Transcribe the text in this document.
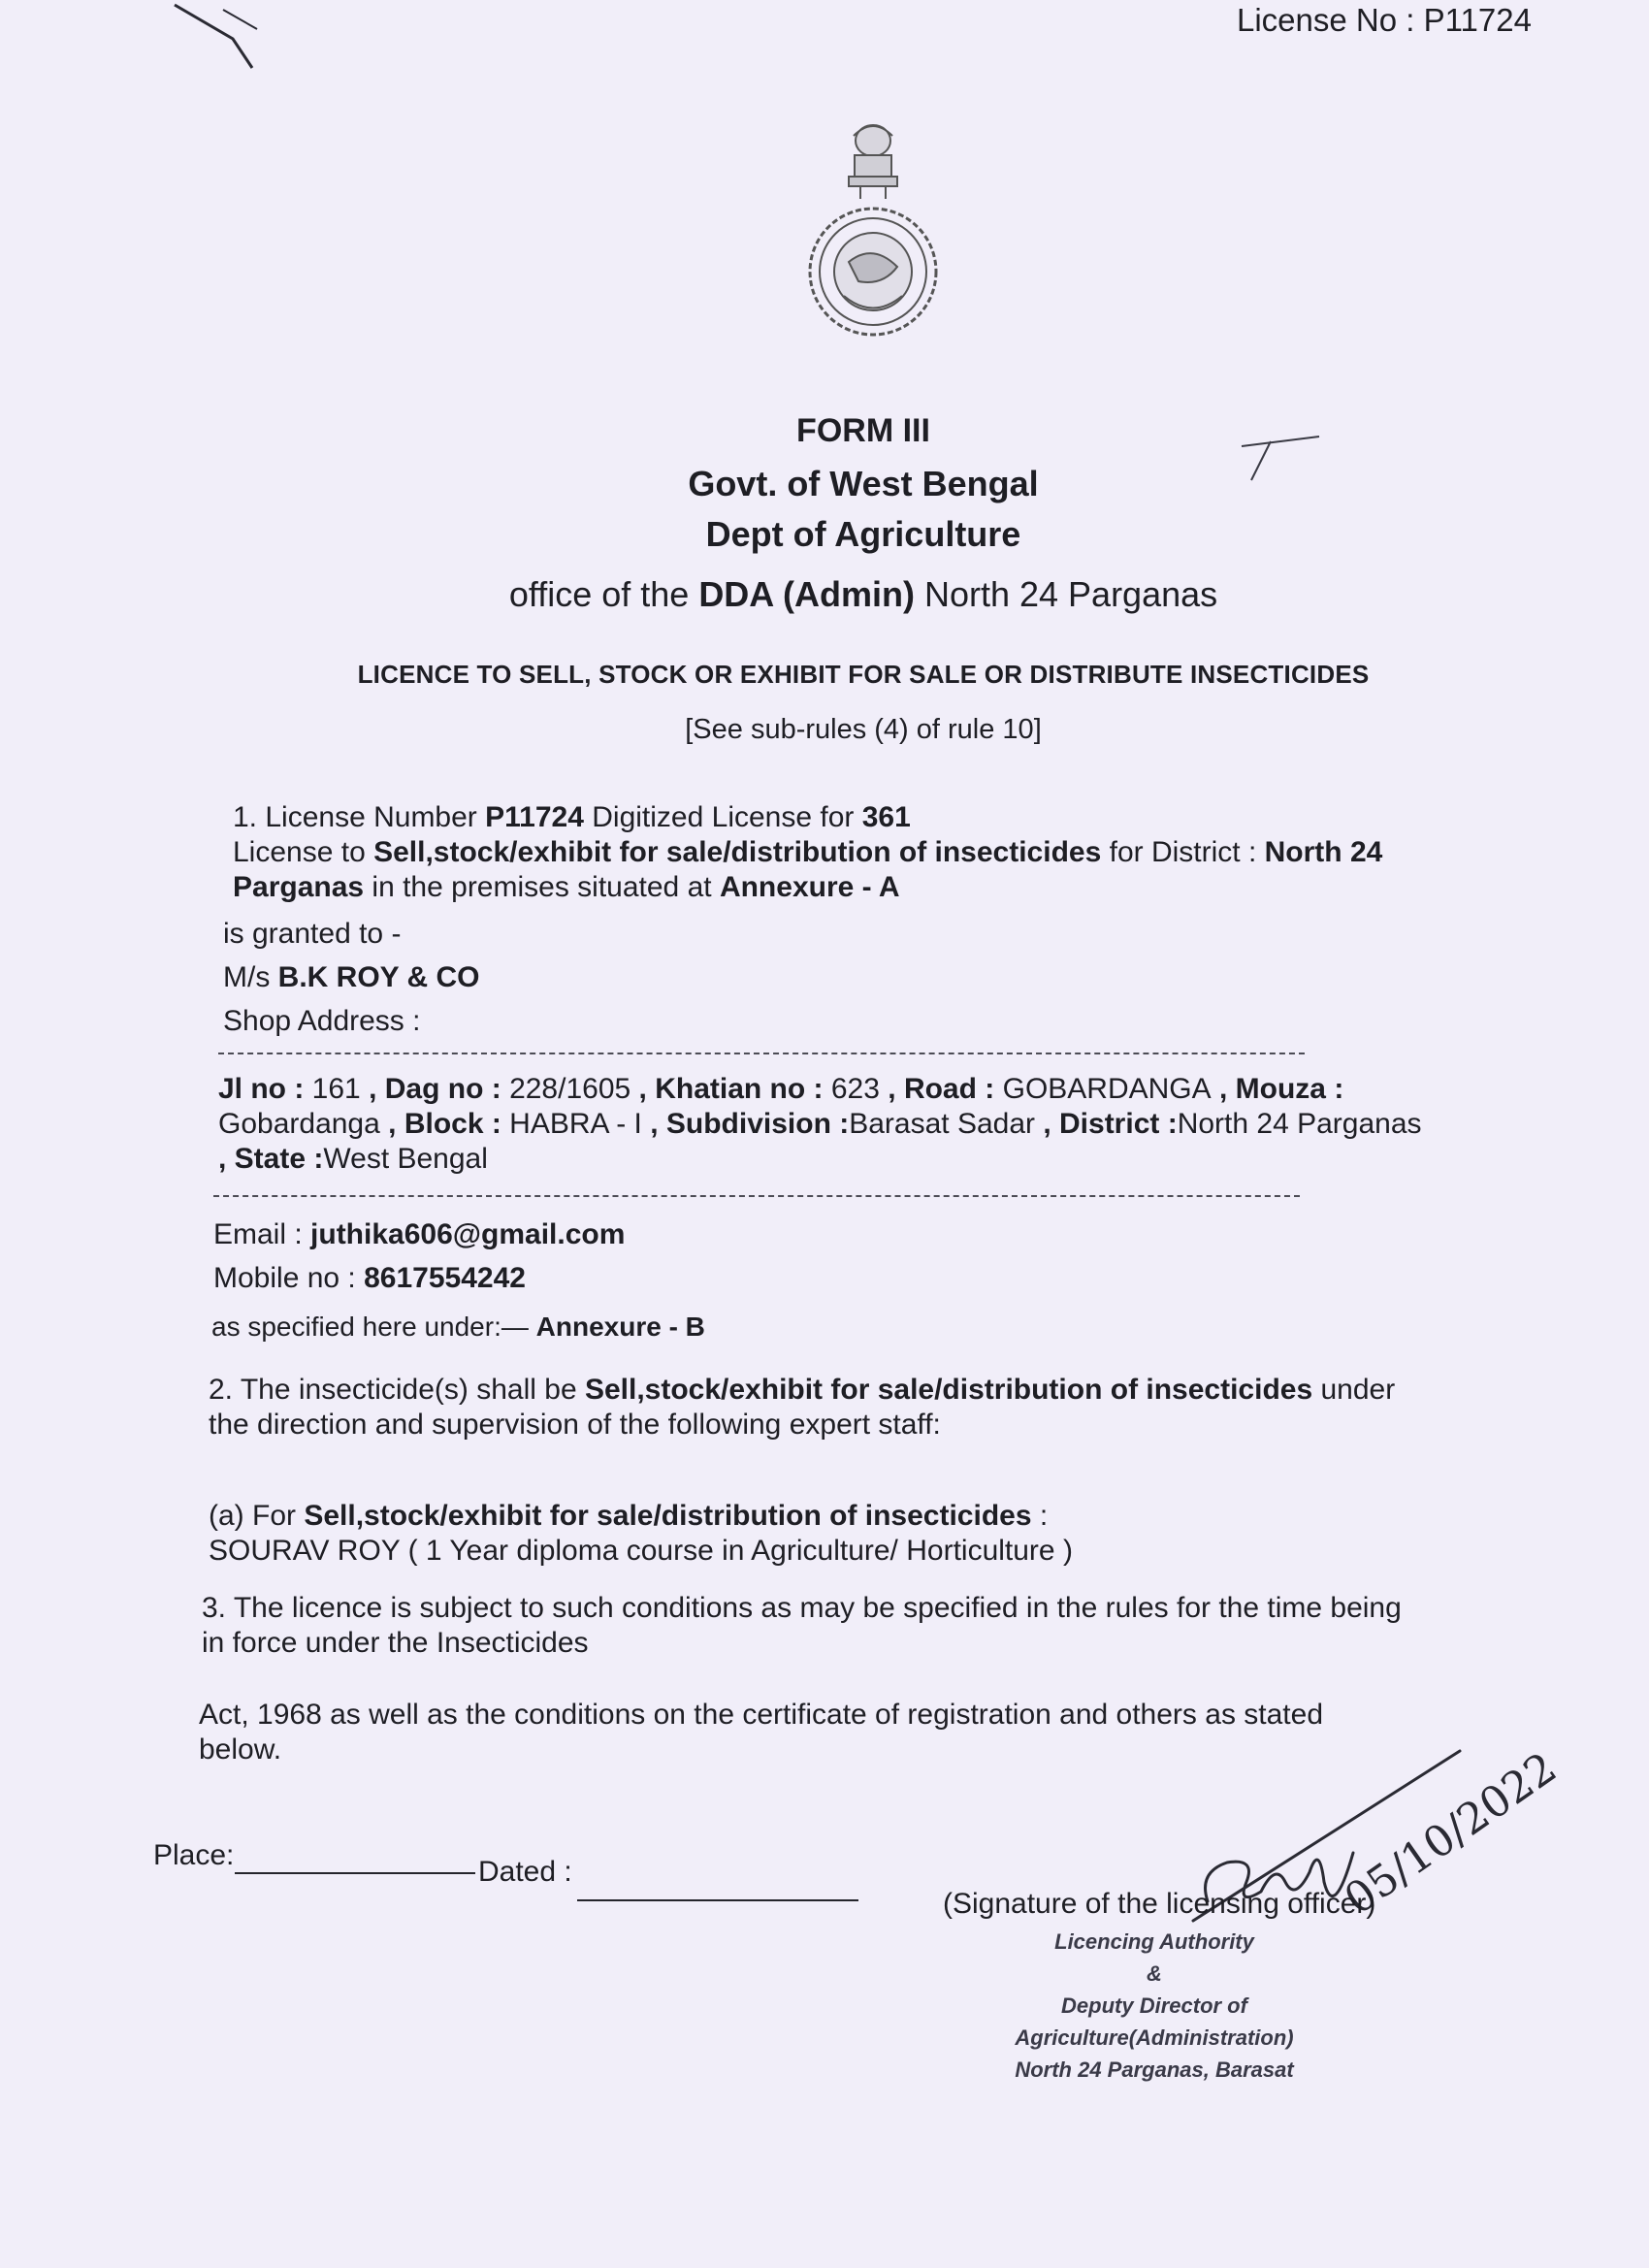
License No : P11724
FORM III
Govt. of West Bengal
Dept of Agriculture
office of the DDA (Admin) North 24 Parganas
LICENCE TO SELL, STOCK OR EXHIBIT FOR SALE OR DISTRIBUTE INSECTICIDES
[See sub-rules (4) of rule 10]
1. License Number P11724 Digitized License for 361
License to Sell,stock/exhibit for sale/distribution of insecticides for District : North 24
Parganas in the premises situated at Annexure - A
is granted to -
M/s B.K ROY & CO
Shop Address :
Jl no : 161 , Dag no : 228/1605 , Khatian no : 623 , Road : GOBARDANGA , Mouza :
Gobardanga , Block : HABRA - I , Subdivision :Barasat Sadar , District :North 24 Parganas
, State :West Bengal
Email : juthika606@gmail.com
Mobile no : 8617554242
as specified here under:— Annexure - B
2. The insecticide(s) shall be Sell,stock/exhibit for sale/distribution of insecticides under
the direction and supervision of the following expert staff:
(a) For Sell,stock/exhibit for sale/distribution of insecticides :
SOURAV ROY ( 1 Year diploma course in Agriculture/ Horticulture )
3. The licence is subject to such conditions as may be specified in the rules for the time being
in force under the Insecticides
Act, 1968 as well as the conditions on the certificate of registration and others as stated
below.
Place:
Dated :	05/10/2022
(Signature of the licensing officer)
Licencing Authority
&
Deputy Director of
Agriculture(Administration)
North 24 Parganas, Barasat
